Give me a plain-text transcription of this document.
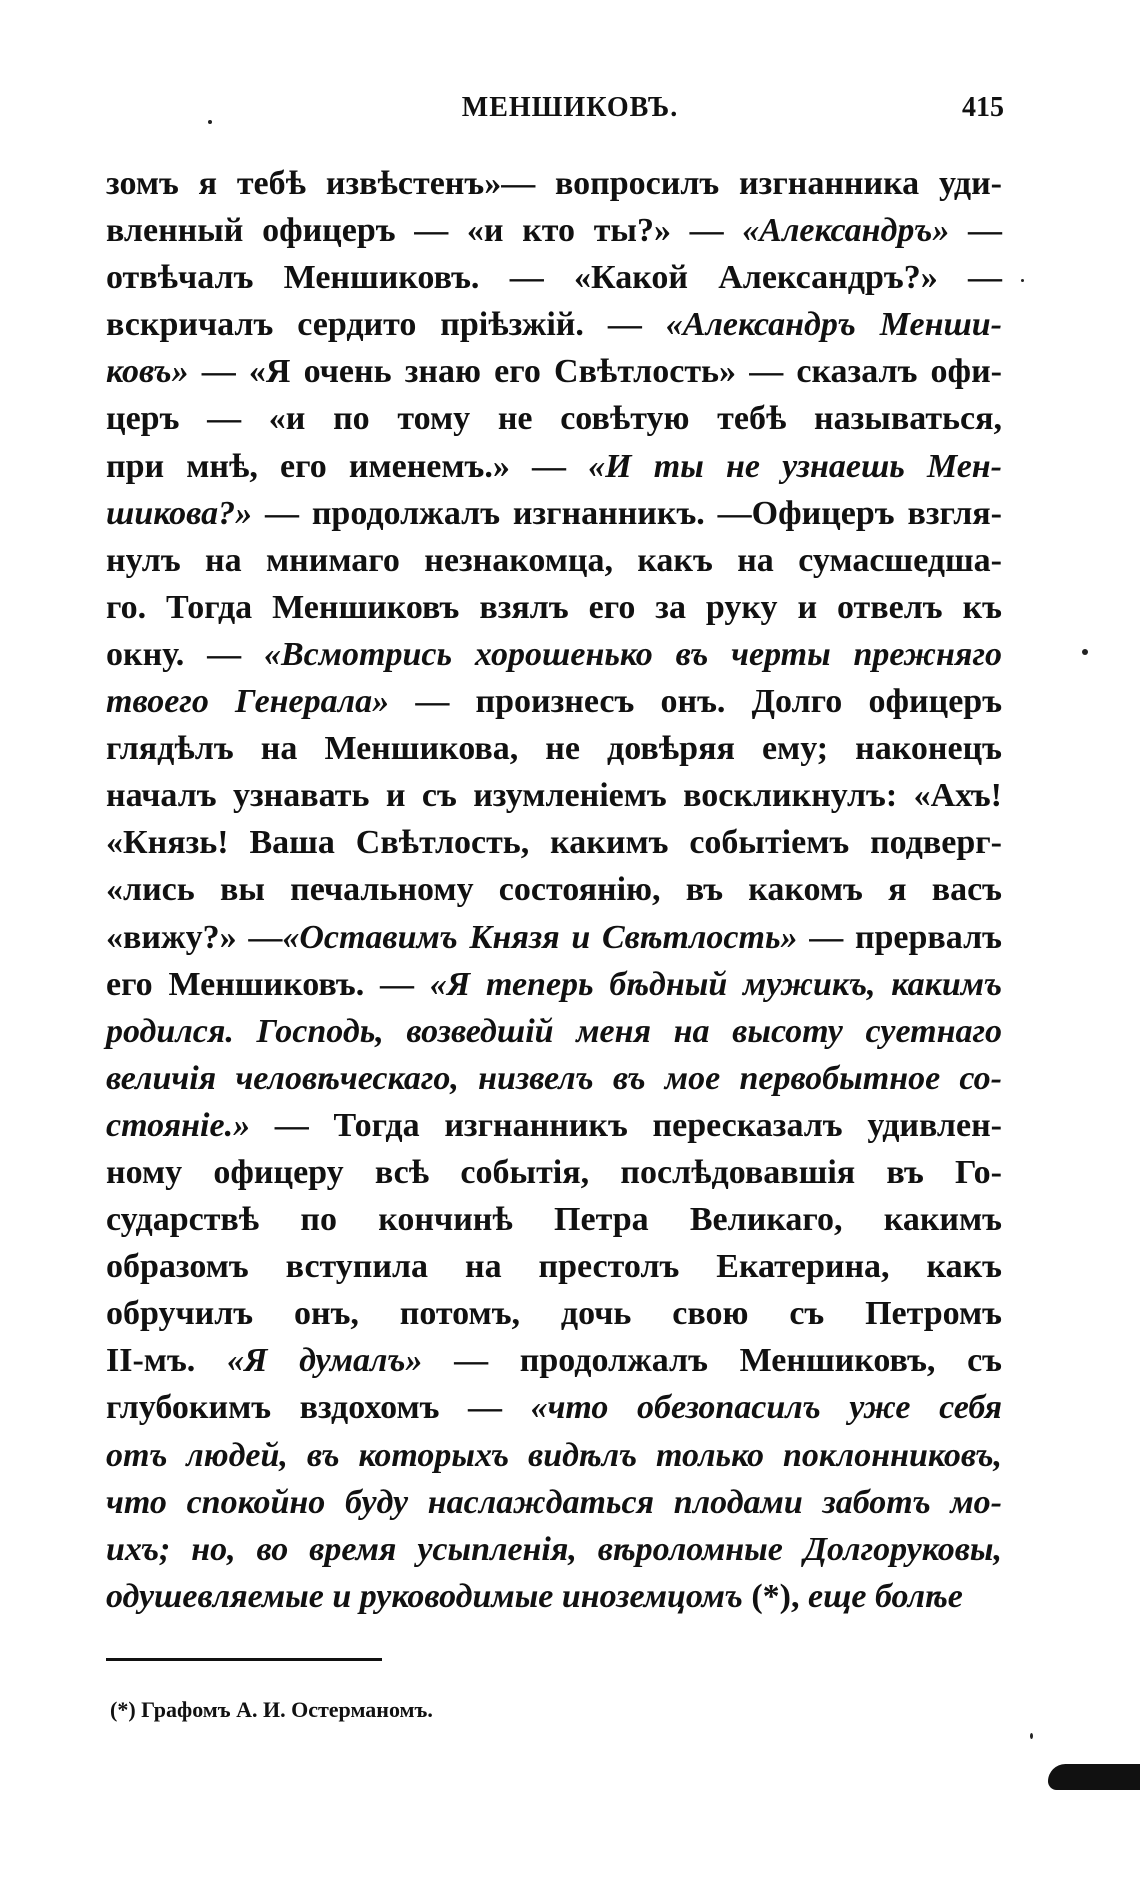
МЕНШИКОВЪ.	415
зомъ я тебѣ извѣстенъ»— вопросилъ изгнанника уди-
вленный офицеръ — «и кто ты?» — «Александръ» —
отвѣчалъ Меншиковъ. — «Какой Александръ?» —
вскричалъ сердито пріѣзжій. — «Александръ Менши-
ковъ» — «Я очень знаю его Свѣтлость» — сказалъ офи-
церъ — «и по тому не совѣтую тебѣ называться,
при мнѣ, его именемъ.» — «И ты не узнаешь Мен-
шикова?» — продолжалъ изгнанникъ. —Офицеръ взгля-
нулъ на мнимаго незнакомца, какъ на сумасшедша-
го. Тогда Меншиковъ взялъ его за руку и отвелъ къ
окну. — «Всмотрись хорошенько въ черты прежняго
твоего Генерала» — произнесъ онъ. Долго офицеръ
глядѣлъ на Меншикова, не довѣряя ему; наконецъ
началъ узнавать и съ изумленіемъ воскликнулъ: «Ахъ!
«Князь! Ваша Свѣтлость, какимъ событіемъ подверг-
«лись вы печальному состоянію, въ какомъ я васъ
«вижу?» —«Оставимъ Князя и Свѣтлость» — прервалъ
его Меншиковъ. — «Я теперь бѣдный мужикъ, какимъ
родился. Господь, возведшій меня на высоту суетнаго
величія человѣческаго, низвелъ въ мое первобытное со-
стояніе.» — Тогда изгнанникъ пересказалъ удивлен-
ному офицеру всѣ событія, послѣдовавшія въ Го-
сударствѣ по кончинѣ Петра Великаго, какимъ
образомъ вступила на престолъ Екатерина, какъ
обручилъ онъ, потомъ, дочь свою съ Петромъ
II-мъ. «Я думалъ» — продолжалъ Меншиковъ, съ
глубокимъ вздохомъ — «что обезопасилъ уже себя
отъ людей, въ которыхъ видѣлъ только поклонниковъ,
что спокойно буду наслаждаться плодами заботъ мо-
ихъ; но, во время усыпленія, вѣроломные Долгоруковы,
одушевляемые и руководимые иноземцомъ (*), еще болѣе
(*) Графомъ А. И. Остерманомъ.
